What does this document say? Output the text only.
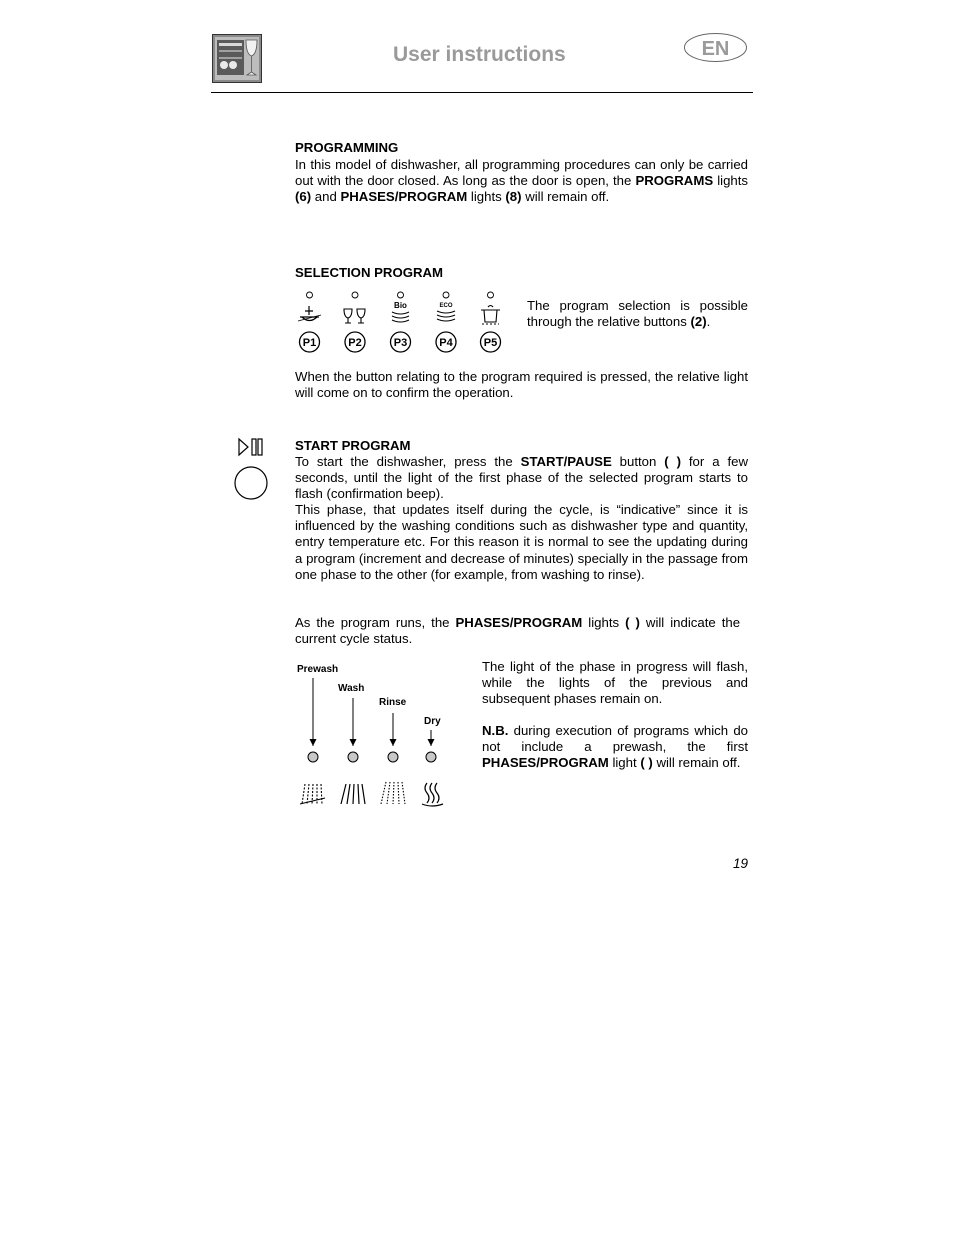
User instructions	EN
PROGRAMMING
In this model of dishwasher, all programming procedures can only be carried out with the door closed. As long as the door is open, the PROGRAMS lights (6) and PHASES/PROGRAM lights (8) will remain off.
SELECTION PROGRAM
Bio	ECO
P1	P2	P3	P4	P5
The program selection is possible through the relative buttons (2).
When the button relating to the program required is pressed, the relative light will come on to confirm the operation.
START PROGRAM
To start the dishwasher, press the START/PAUSE button ( ) for a few seconds, until the light of the first phase of the selected program starts to flash (confirmation beep).
This phase, that updates itself during the cycle, is “indicative” since it is influenced by the washing conditions such as dishwasher type and quantity, entry temperature etc. For this reason it is normal to see the updating during a program (increment and decrease of minutes) specially in the passage from one phase to the other (for example, from washing to rinse).
As the program runs, the PHASES/PROGRAM lights ( ) will indicate the current cycle status.
Prewash
Wash
Rinse
Dry
The light of the phase in progress will flash, while the lights of the previous and subsequent phases remain on.
N.B. during execution of programs which do not include a prewash, the first PHASES/PROGRAM light ( ) will remain off.
19
